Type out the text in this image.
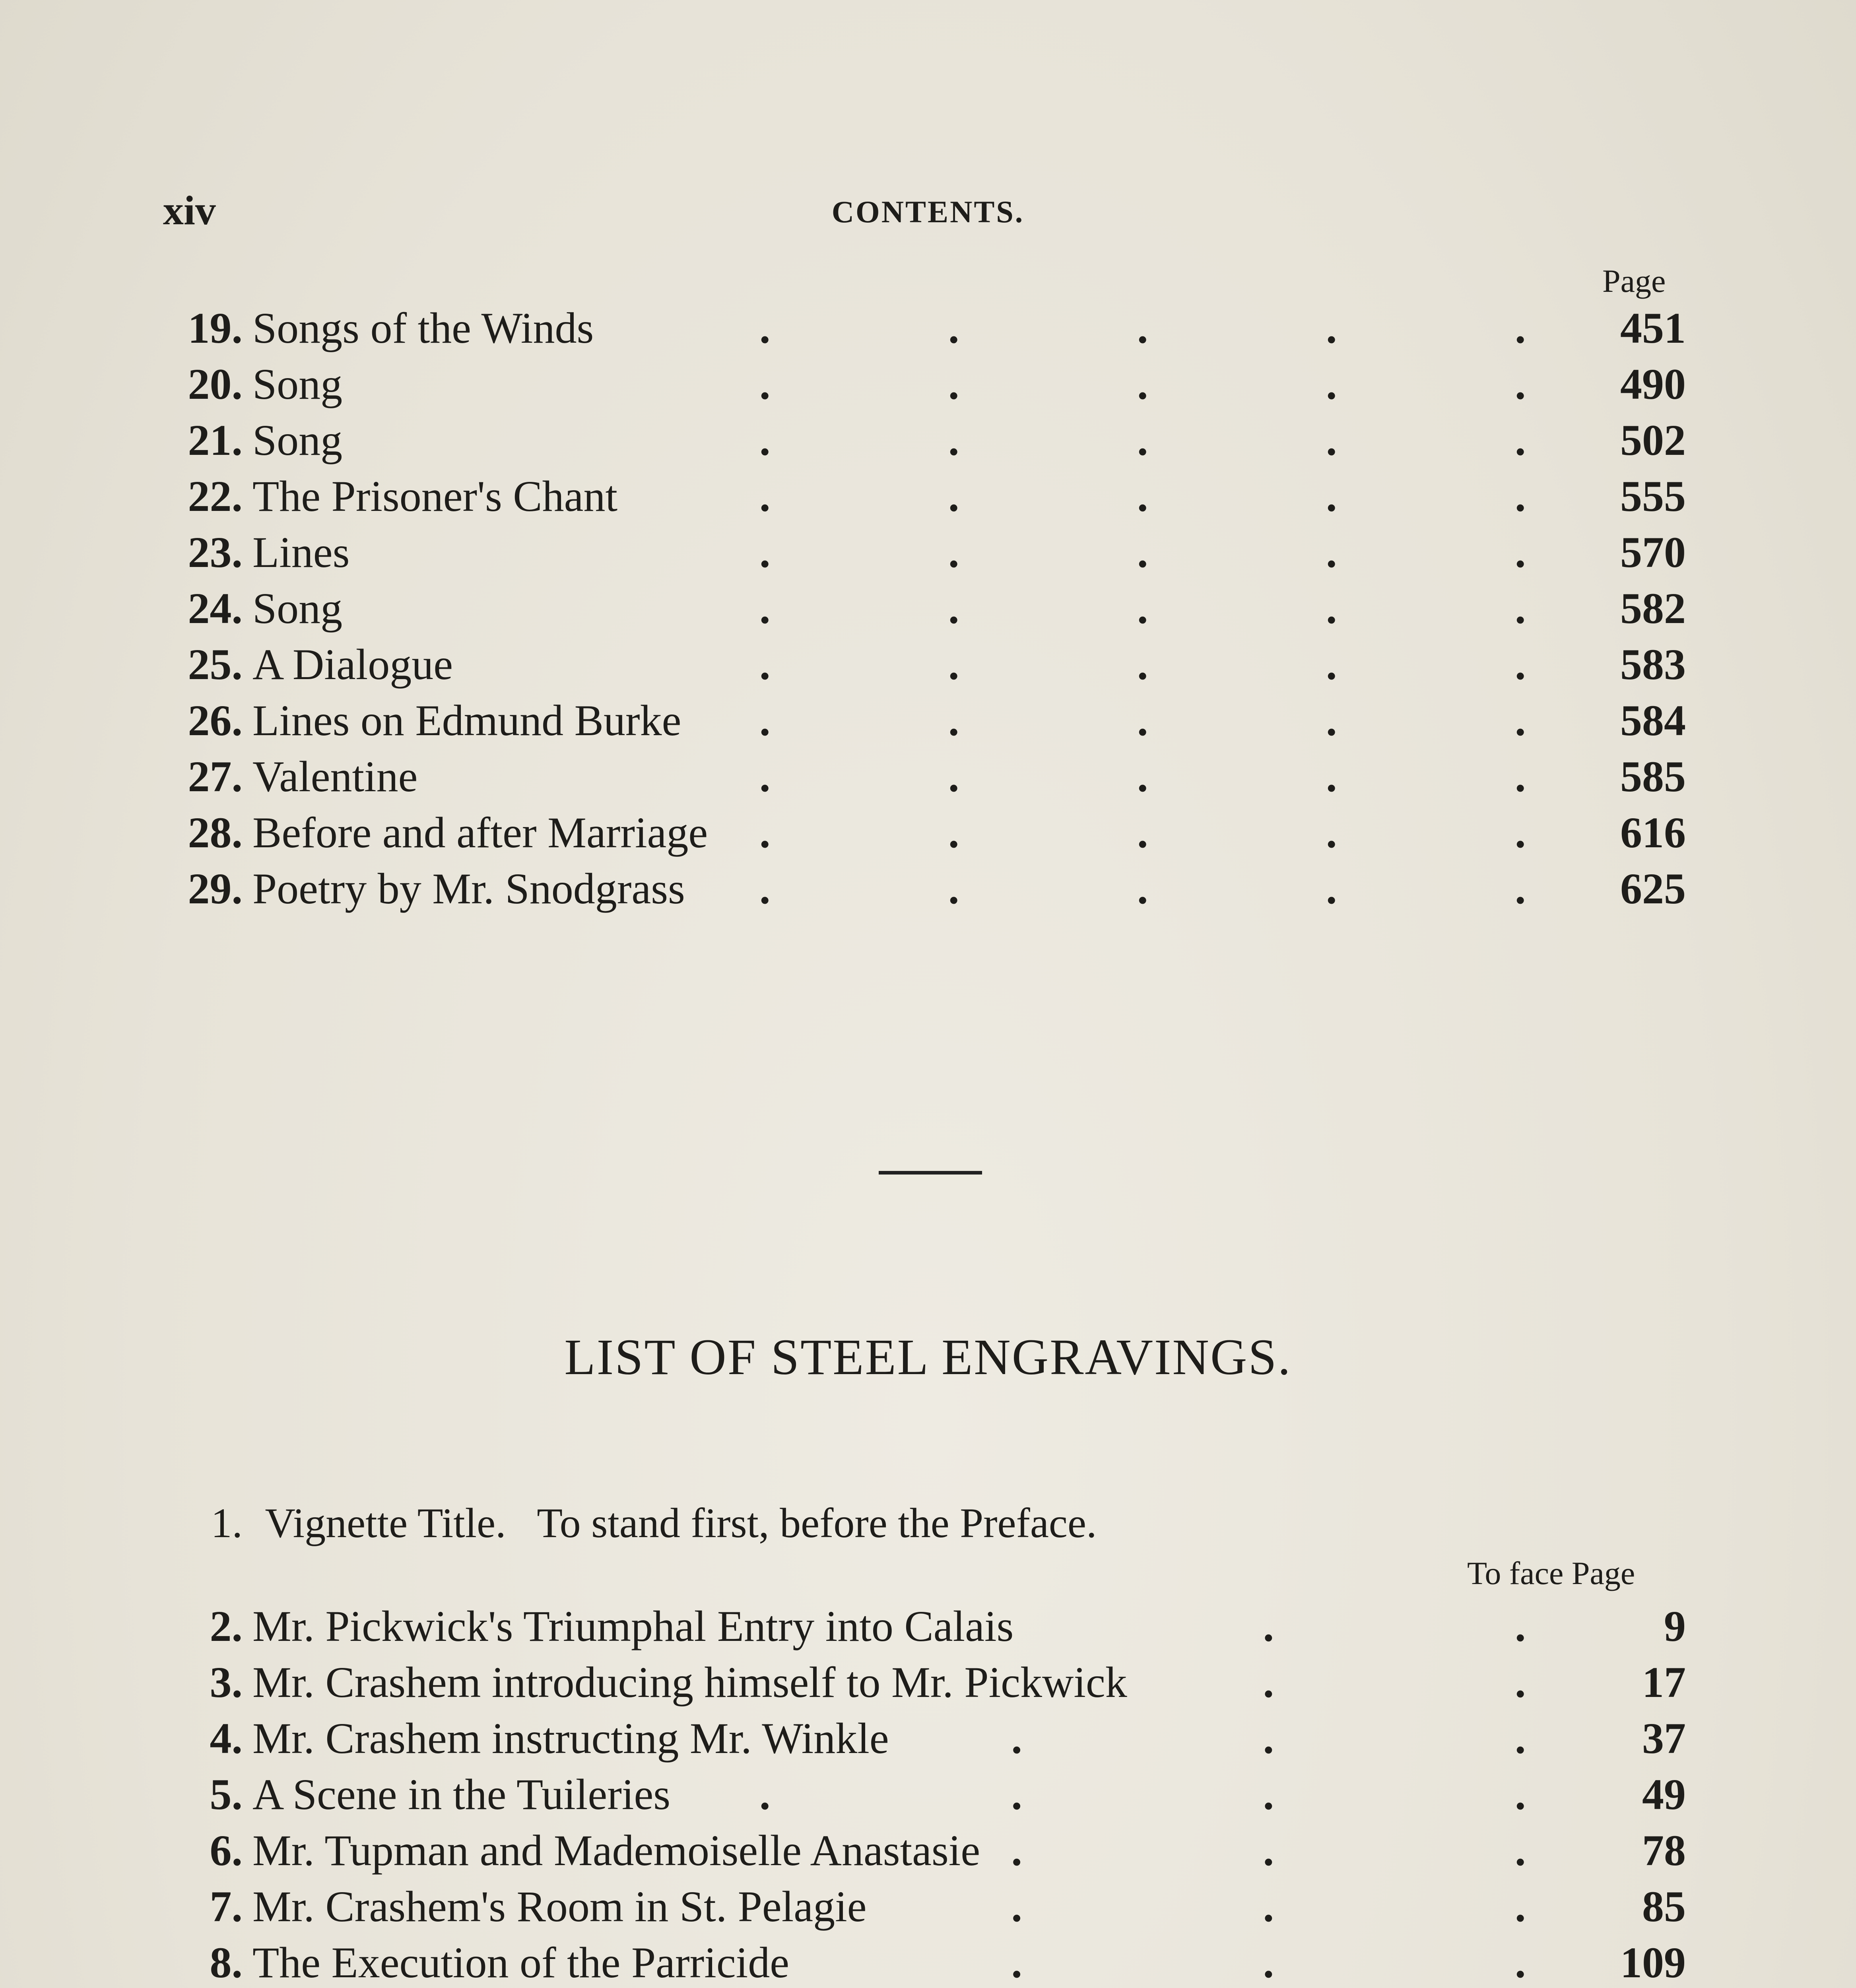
xiv	CONTENTS.
Page
19. Songs of the Winds	.	.	.	.	.	451
20. Song	.	.	.	.	.	490
21. Song	.	.	.	.	.	502
22. The Prisoner's Chant	.	.	.	.	.	555
23. Lines	.	.	.	.	.	570
24. Song	.	.	.	.	.	582
25. A Dialogue	.	.	.	.	.	583
26. Lines on Edmund Burke .	.	.	.	.	584
27. Valentine	.	.	.	.	.	585
28. Before and after Marriage .	.	.	.	.	616
29. Poetry by Mr. Snodgrass .	.	.	.	.	625
LIST OF STEEL ENGRAVINGS.
1. Vignette Title.   To stand first, before the Preface.
To face Page
2. Mr. Pickwick's Triumphal Entry into Calais	.	.	9
3. Mr. Crashem introducing himself to Mr. Pickwick	.	.	17
4. Mr. Crashem instructing Mr. Winkle	.	.	.	37
5. A Scene in the Tuileries .	.	.	.	49
6. Mr. Tupman and Mademoiselle Anastasie .	.	.	78
7. Mr. Crashem's Room in St. Pelagie	.	.	.	85
8. The Execution of the Parricide	.	.	.	109
